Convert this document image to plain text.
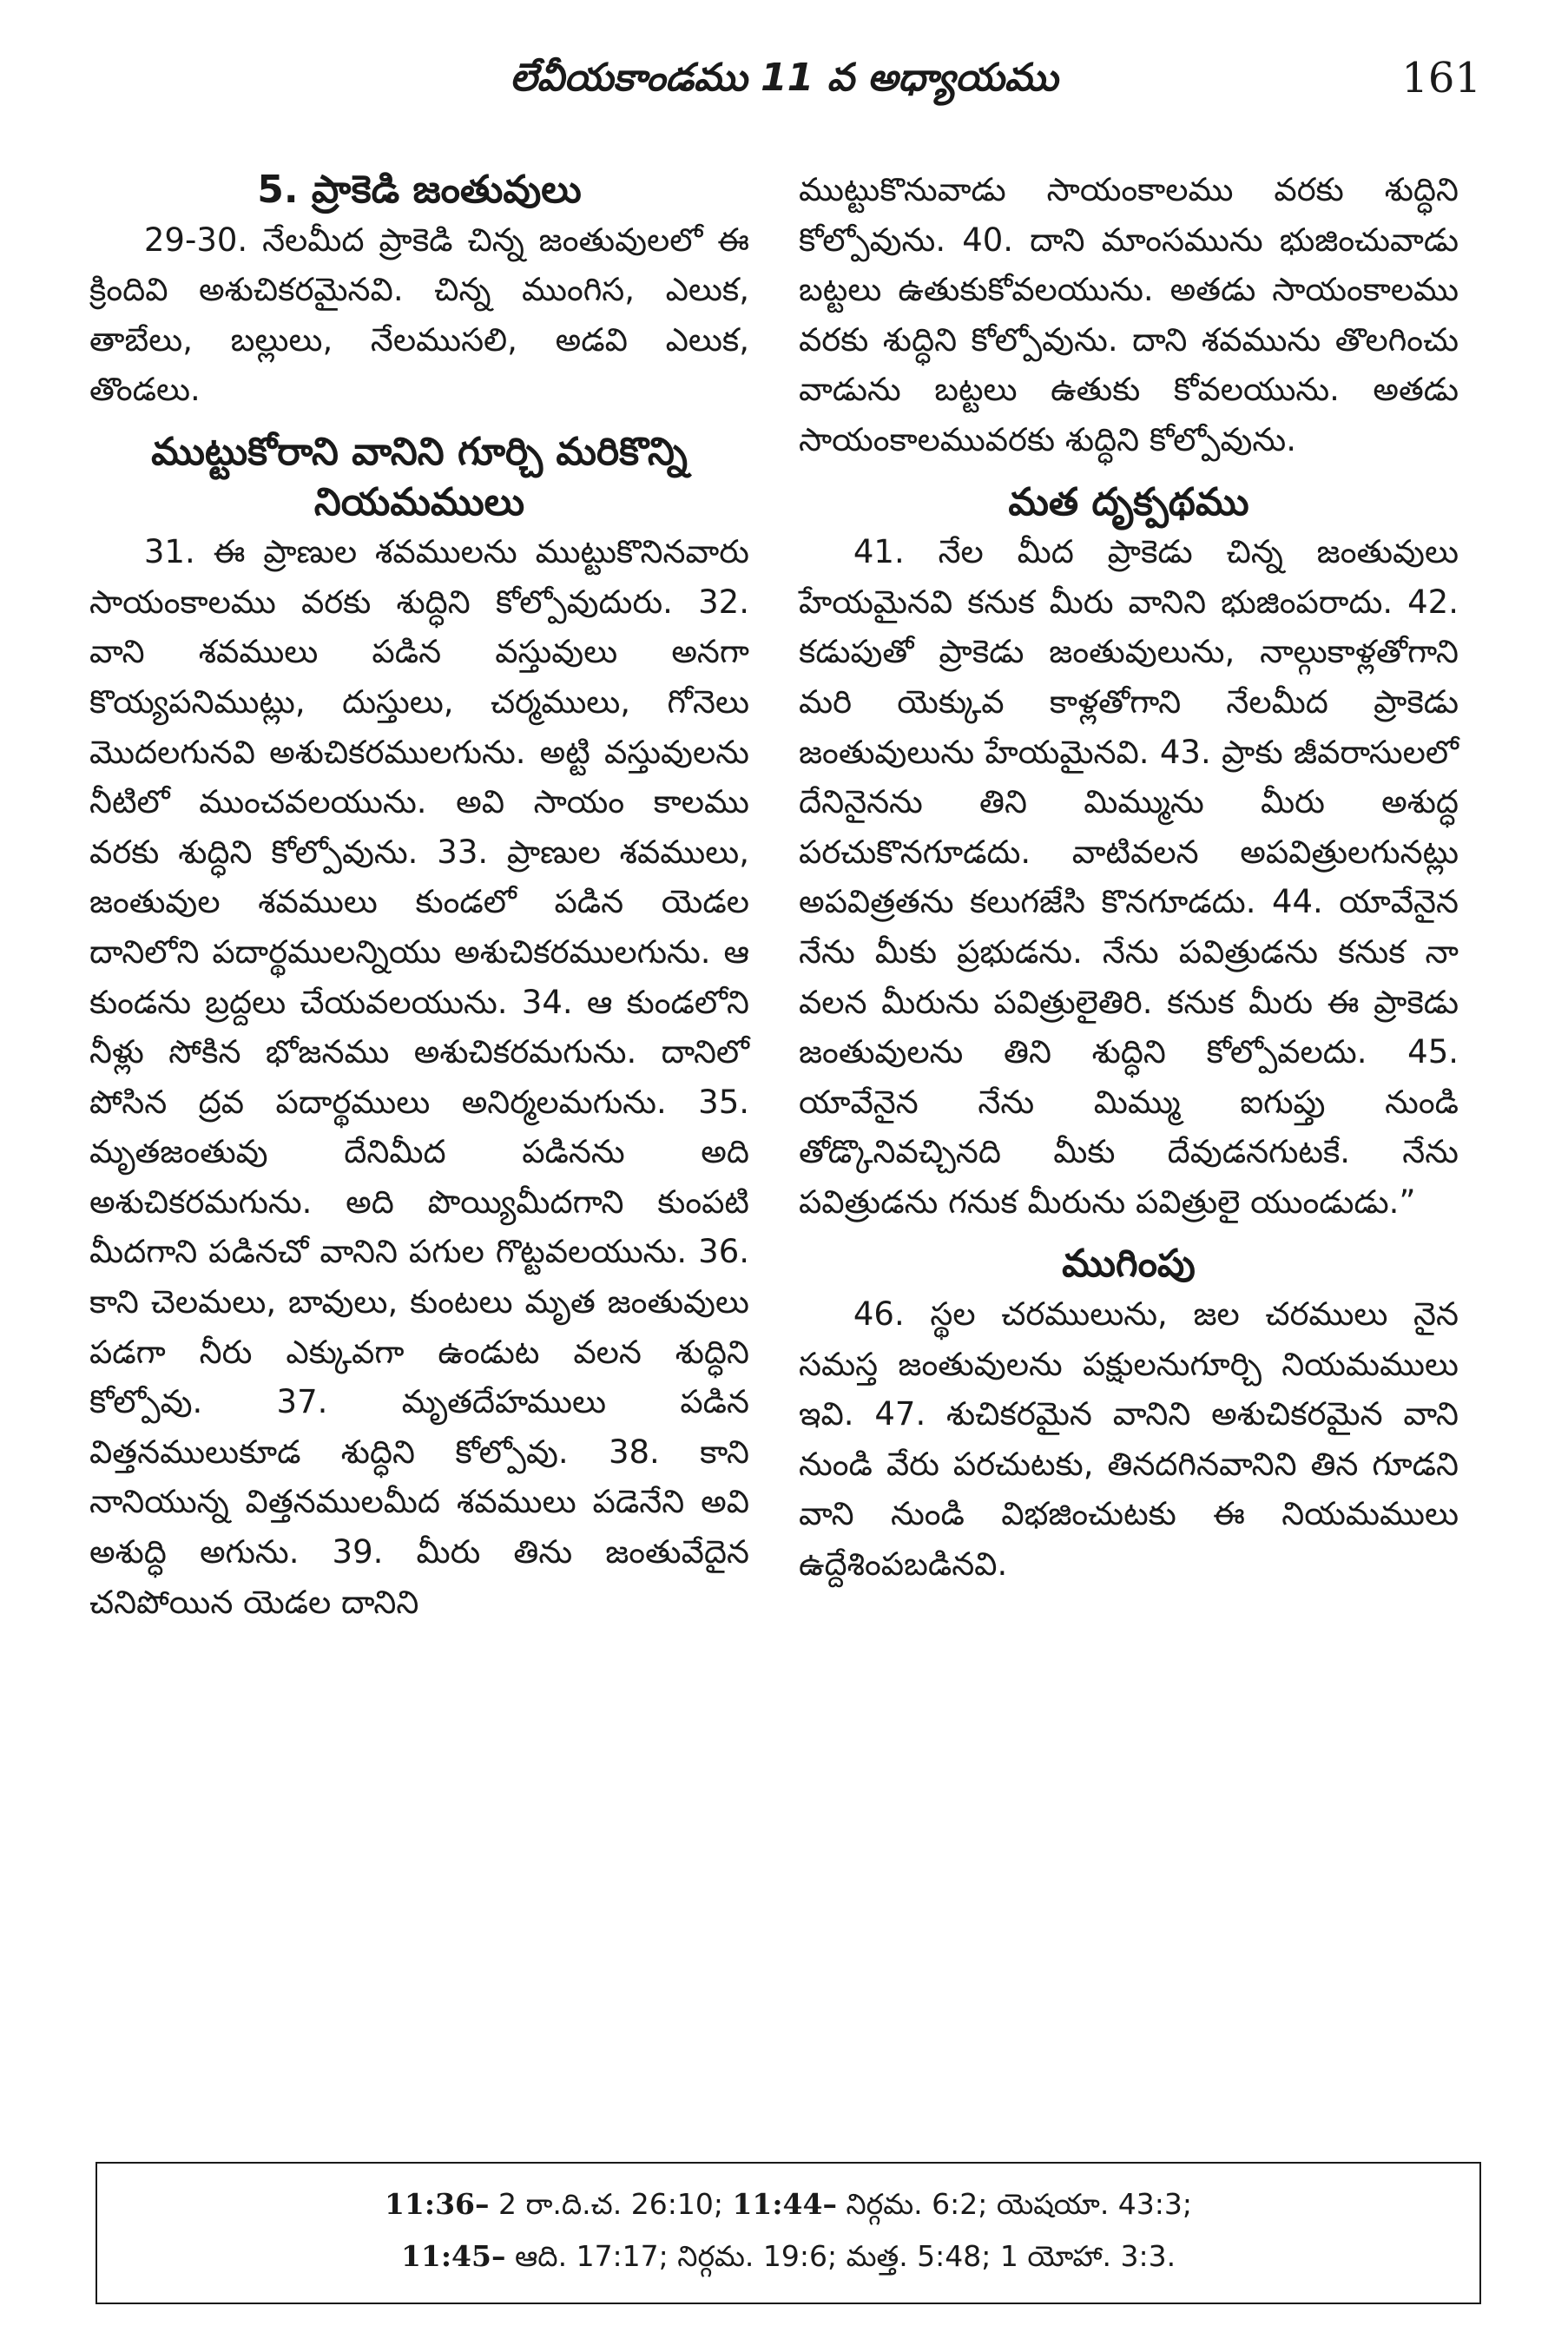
లేవీయకాండము 11 వ అధ్యాయము	161
5. ప్రాకెడి జంతువులు

29-30. నేలమీద ప్రాకెడి చిన్న జంతువులలో ఈ క్రిందివి అశుచికరమైనవి. చిన్న ముంగిస, ఎలుక, తాబేలు, బల్లులు, నేలముసలి, అడవి ఎలుక, తొండలు.

ముట్టుకోరాని వానిని గూర్చి మరికొన్ని నియమములు

31. ఈ ప్రాణుల శవములను ముట్టుకొనినవారు సాయంకాలము వరకు శుద్ధిని కోల్పోవుదురు. 32. వాని శవములు పడిన వస్తువులు అనగా కొయ్యపనిముట్లు, దుస్తులు, చర్మములు, గోనెలు మొదలగునవి అశుచికరములగును. అట్టి వస్తువులను నీటిలో ముంచవలయును. అవి సాయం కాలము వరకు శుద్ధిని కోల్పోవును. 33. ప్రాణుల శవములు, జంతువుల శవములు కుండలో పడిన యెడల దానిలోని పదార్థములన్నియు అశుచికరములగును. ఆ కుండను బ్రద్దలు చేయవలయును. 34. ఆ కుండలోని నీళ్లు సోకిన భోజనము అశుచికరమగును. దానిలో పోసిన ద్రవ పదార్థములు అనిర్మలమగును. 35. మృతజంతువు దేనిమీద పడినను అది అశుచికరమగును. అది పొయ్యిమీదగాని కుంపటి మీదగాని పడినచో వానిని పగుల గొట్టవలయును. 36. కాని చెలమలు, బావులు, కుంటలు మృత జంతువులు పడగా నీరు ఎక్కువగా ఉండుట వలన శుద్ధిని కోల్పోవు. 37. మృతదేహములు పడిన విత్తనములుకూడ శుద్ధిని కోల్పోవు. 38. కాని నానియున్న విత్తనములమీద శవములు పడెనేని అవి అశుద్ధి అగును. 39. మీరు తిను జంతువేదైన చనిపోయిన యెడల దానిని

ముట్టుకొనువాడు సాయంకాలము వరకు శుద్ధిని కోల్పోవును. 40. దాని మాంసమును భుజించువాడు బట్టలు ఉతుకుకోవలయును. అతడు సాయంకాలము వరకు శుద్ధిని కోల్పోవును. దాని శవమును తొలగించు వాడును బట్టలు ఉతుకు కోవలయును. అతడు సాయంకాలమువరకు శుద్ధిని కోల్పోవును.

మత దృక్పథము

41. నేల మీద ప్రాకెడు చిన్న జంతువులు హేయమైనవి కనుక మీరు వానిని భుజింపరాదు. 42. కడుపుతో ప్రాకెడు జంతువులును, నాల్గుకాళ్లతోగాని మరి యెక్కువ కాళ్లతోగాని నేలమీద ప్రాకెడు జంతువులును హేయమైనవి. 43. ప్రాకు జీవరాసులలో దేనినైనను తిని మిమ్మును మీరు అశుద్ధ పరచుకొనగూడదు. వాటివలన అపవిత్రులగునట్లు అపవిత్రతను కలుగజేసి కొనగూడదు. 44. యావేనైన నేను మీకు ప్రభుడను. నేను పవిత్రుడను కనుక నా వలన మీరును పవిత్రులైతిరి. కనుక మీరు ఈ ప్రాకెడు జంతువులను తిని శుద్ధిని కోల్పోవలదు. 45. యావేనైన నేను మిమ్ము ఐగుప్తు నుండి తోడ్కొనివచ్చినది మీకు దేవుడనగుటకే. నేను పవిత్రుడను గనుక మీరును పవిత్రులై యుండుడు.”

ముగింపు

46. స్థల చరములును, జల చరములు నైన సమస్త జంతువులను పక్షులనుగూర్చి నియమములు ఇవి. 47. శుచికరమైన వానిని అశుచికరమైన వాని నుండి వేరు పరచుటకు, తినదగినవానిని తిన గూడని వాని నుండి విభజించుటకు ఈ నియమములు ఉద్దేశింపబడినవి.

11:36– 2 రా.ది.చ. 26:10; 11:44– నిర్గమ. 6:2; యెషయా. 43:3;
11:45– ఆది. 17:17; నిర్గమ. 19:6; మత్త. 5:48; 1 యోహా. 3:3.
